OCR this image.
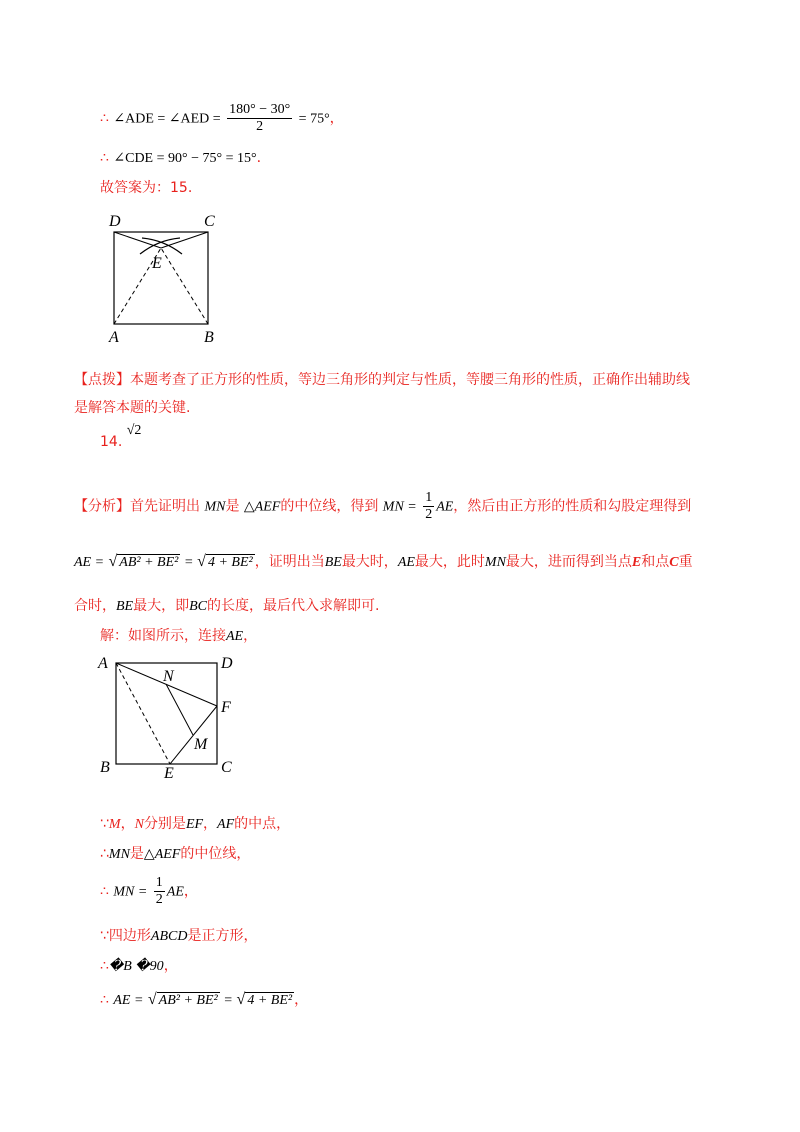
∴ ∠ADE = ∠AED = $\frac{180^\circ - 30^\circ}{2} = 75^\circ$，
∴ ∠CDE = 90° − 75° = 15°.
故答案为：15.
D	C
E
A	B
【点拨】本题考查了正方形的性质，等边三角形的判定与性质，等腰三角形的性质，正确作出辅助线
是解答本题的关键.
14. √2
【分析】首先证明出 MN是 △AEF的中位线，得到 MN = $\frac{1}{2}$ AE，然后由正方形的性质和勾股定理得到
AE = √ AB² + BE² = √ 4 + BE² ，证明出当BE最大时，AE最大，此时MN最大，进而得到当点E和点C重
合时，BE最大，即BC的长度，最后代入求解即可.
解：如图所示，连接AE，
A	D
N
F
M
B	E	C
∵M，N分别是EF，AF的中点，
∴MN是△AEF的中位线，
∴ MN = $\frac{1}{2}$ AE，
∵四边形ABCD是正方形，
∴�B �90，
∴ AE = √ AB² + BE² = √ 4 + BE² ，
